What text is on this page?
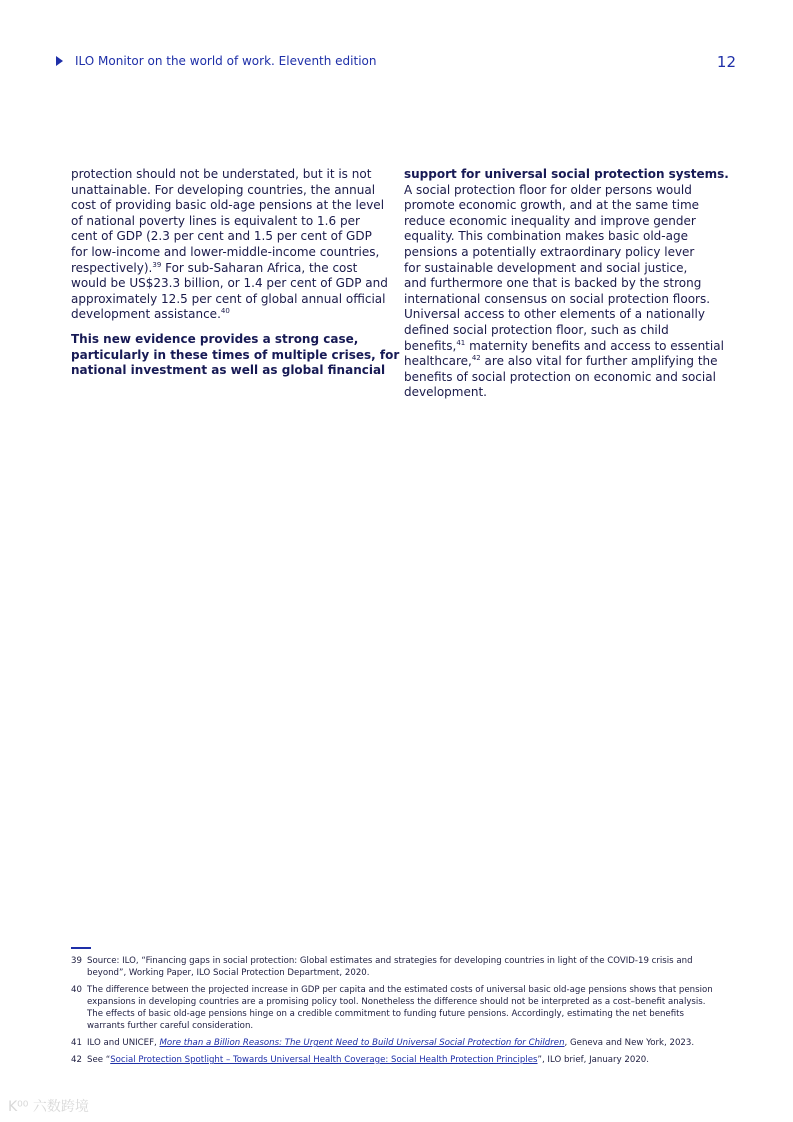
ILO Monitor on the world of work. Eleventh edition	12
protection should not be understated, but it is not
unattainable. For developing countries, the annual
cost of providing basic old-age pensions at the level
of national poverty lines is equivalent to 1.6 per
cent of GDP (2.3 per cent and 1.5 per cent of GDP
for low-income and lower-middle-income countries,
respectively).$^{39}$ For sub-Saharan Africa, the cost
would be US$23.3 billion, or 1.4 per cent of GDP and
approximately 12.5 per cent of global annual official
development assistance.$^{40}$
This new evidence provides a strong case,
particularly in these times of multiple crises, for
national investment as well as global financial
support for universal social protection systems.
A social protection floor for older persons would
promote economic growth, and at the same time
reduce economic inequality and improve gender
equality. This combination makes basic old-age
pensions a potentially extraordinary policy lever
for sustainable development and social justice,
and furthermore one that is backed by the strong
international consensus on social protection floors.
Universal access to other elements of a nationally
defined social protection floor, such as child
benefits,$^{41}$ maternity benefits and access to essential
healthcare,$^{42}$ are also vital for further amplifying the
benefits of social protection on economic and social
development.
39 Source: ILO, “Financing gaps in social protection: Global estimates and strategies for developing countries in light of the COVID-19 crisis and
beyond”, Working Paper, ILO Social Protection Department, 2020.
40 The difference between the projected increase in GDP per capita and the estimated costs of universal basic old-age pensions shows that pension
expansions in developing countries are a promising policy tool. Nonetheless the difference should not be interpreted as a cost–benefit analysis.
The effects of basic old-age pensions hinge on a credible commitment to funding future pensions. Accordingly, estimating the net benefits
warrants further careful consideration.
41 ILO and UNICEF, More than a Billion Reasons: The Urgent Need to Build Universal Social Protection for Children, Geneva and New York, 2023.
42 See “Social Protection Spotlight – Towards Universal Health Coverage: Social Health Protection Principles”, ILO brief, January 2020.
K⁰⁰ 六数跨境
